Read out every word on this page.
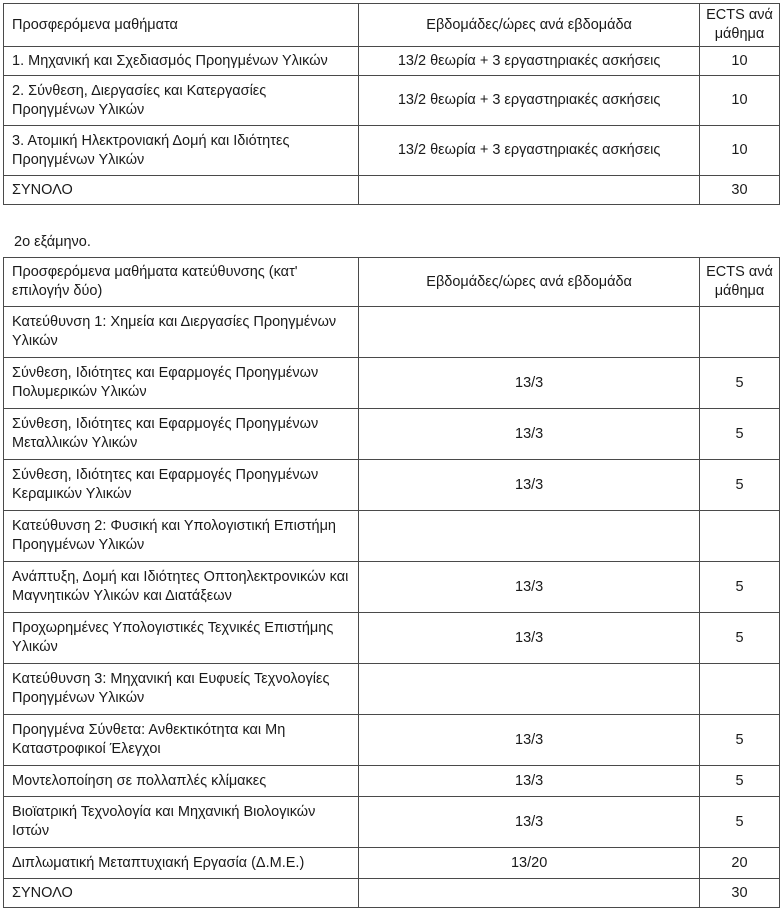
Προσφερόμενα μαθήματα	Εβδομάδες/ώρες ανά εβδομάδα	ECTS ανά μάθημα
1. Μηχανική και Σχεδιασμός Προηγμένων Υλικών	13/2 θεωρία + 3 εργαστηριακές ασκήσεις	10
2. Σύνθεση, Διεργασίες και Κατεργασίες Προηγμένων Υλικών	13/2 θεωρία + 3 εργαστηριακές ασκήσεις	10
3. Ατομική Ηλεκτρονιακή Δομή και Ιδιότητες Προηγμένων Υλικών	13/2 θεωρία + 3 εργαστηριακές ασκήσεις	10
ΣΥΝΟΛΟ		30
2ο εξάμηνο.
Προσφερόμενα μαθήματα κατεύθυνσης (κατ' επιλογήν δύο)	Εβδομάδες/ώρες ανά εβδομάδα	ECTS ανά μάθημα
Κατεύθυνση 1: Χημεία και Διεργασίες Προηγμένων Υλικών		
Σύνθεση, Ιδιότητες και Εφαρμογές Προηγμένων Πολυμερικών Υλικών	13/3	5
Σύνθεση, Ιδιότητες και Εφαρμογές Προηγμένων Μεταλλικών Υλικών	13/3	5
Σύνθεση, Ιδιότητες και Εφαρμογές Προηγμένων Κεραμικών Υλικών	13/3	5
Κατεύθυνση 2: Φυσική και Υπολογιστική Επιστήμη Προηγμένων Υλικών		
Ανάπτυξη, Δομή και Ιδιότητες Οπτοηλεκτρονικών και Μαγνητικών Υλικών και Διατάξεων	13/3	5
Προχωρημένες Υπολογιστικές Τεχνικές Επιστήμης Υλικών	13/3	5
Κατεύθυνση 3: Μηχανική και Ευφυείς Τεχνολογίες Προηγμένων Υλικών		
Προηγμένα Σύνθετα: Ανθεκτικότητα και Μη Καταστροφικοί Έλεγχοι	13/3	5
Μοντελοποίηση σε πολλαπλές κλίμακες	13/3	5
Βιοϊατρική Τεχνολογία και Μηχανική Βιολογικών Ιστών	13/3	5
Διπλωματική Μεταπτυχιακή Εργασία (Δ.Μ.Ε.)	13/20	20
ΣΥΝΟΛΟ		30
